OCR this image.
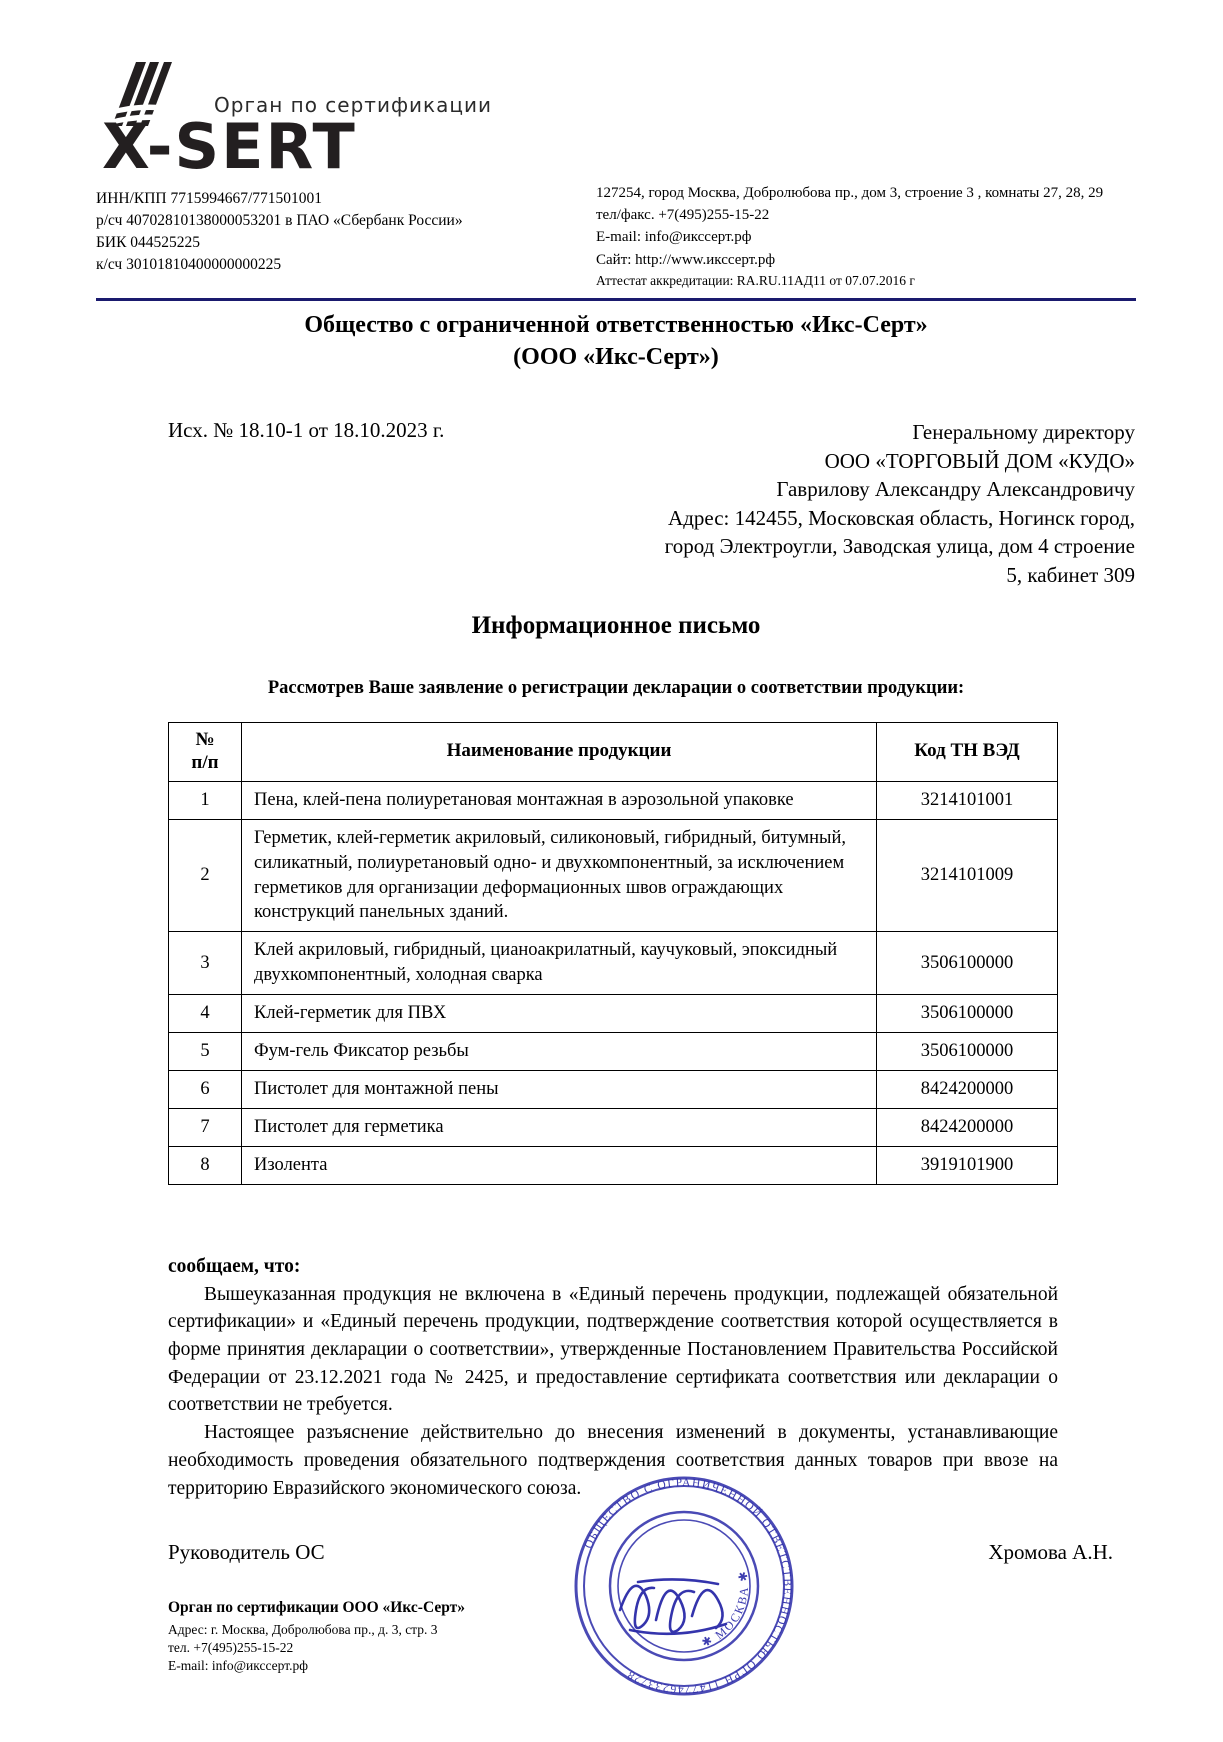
Орган по сертификации
X-SERT
ИНН/КПП 7715994667/771501001
р/сч 40702810138000053201 в ПАО «Сбербанк России»
БИК 044525225
к/сч 30101810400000000225
127254, город Москва, Добролюбова пр., дом 3, строение 3 , комнаты 27, 28, 29
тел/факс. +7(495)255-15-22
E-mail: info@икссерт.рф
Сайт: http://www.икссерт.рф
Аттестат аккредитации: RA.RU.11АД11 от 07.07.2016 г
Общество с ограниченной ответственностью «Икс-Серт»
(ООО «Икс-Серт»)
Исх. № 18.10-1 от 18.10.2023 г.	Генеральному директору
ООО «ТОРГОВЫЙ ДОМ «КУДО»
Гаврилову Александру Александровичу
Адрес: 142455, Московская область, Ногинск город,
город Электроугли, Заводская улица, дом 4 строение
5, кабинет 309
Информационное письмо
Рассмотрев Ваше заявление о регистрации декларации о соответствии продукции:
№
п/п	Наименование продукции	Код ТН ВЭД
1	Пена, клей-пена полиуретановая монтажная в аэрозольной упаковке	3214101001
2	Герметик, клей-герметик акриловый, силиконовый, гибридный, битумный, силикатный, полиуретановый одно- и двухкомпонентный, за исключением герметиков для организации деформационных швов ограждающих конструкций панельных зданий.	3214101009
3	Клей акриловый, гибридный, цианоакрилатный, каучуковый, эпоксидный двухкомпонентный, холодная сварка	3506100000
4	Клей-герметик для ПВХ	3506100000
5	Фум-гель Фиксатор резьбы	3506100000
6	Пистолет для монтажной пены	8424200000
7	Пистолет для герметика	8424200000
8	Изолента	3919101900

сообщаем, что:

Вышеуказанная продукция не включена в «Единый перечень продукции, подлежащей обязательной сертификации» и «Единый перечень продукции, подтверждение соответствия которой осуществляется в форме принятия декларации о соответствии», утвержденные Постановлением Правительства Российской Федерации от 23.12.2021 года № 2425, и предоставление сертификата соответствия или декларации о соответствии не требуется.

Настоящее разъяснение действительно до внесения изменений в документы, устанавливающие необходимость проведения обязательного подтверждения соответствия данных товаров при ввозе на территорию Евразийского экономического союза.

Руководитель ОС	Хромова А.Н.
Орган по сертификации ООО «Икс-Серт»
Адрес: г. Москва, Добролюбова пр., д. 3, стр. 3
тел. +7(495)255-15-22
E-mail: info@икссерт.рф
ОБЩЕСТВО С ОГРАНИЧЕННОЙ ОТВЕТСТВЕННОСТЬЮ ОГРН 1147746233728
✱ МОСКВА ✱
